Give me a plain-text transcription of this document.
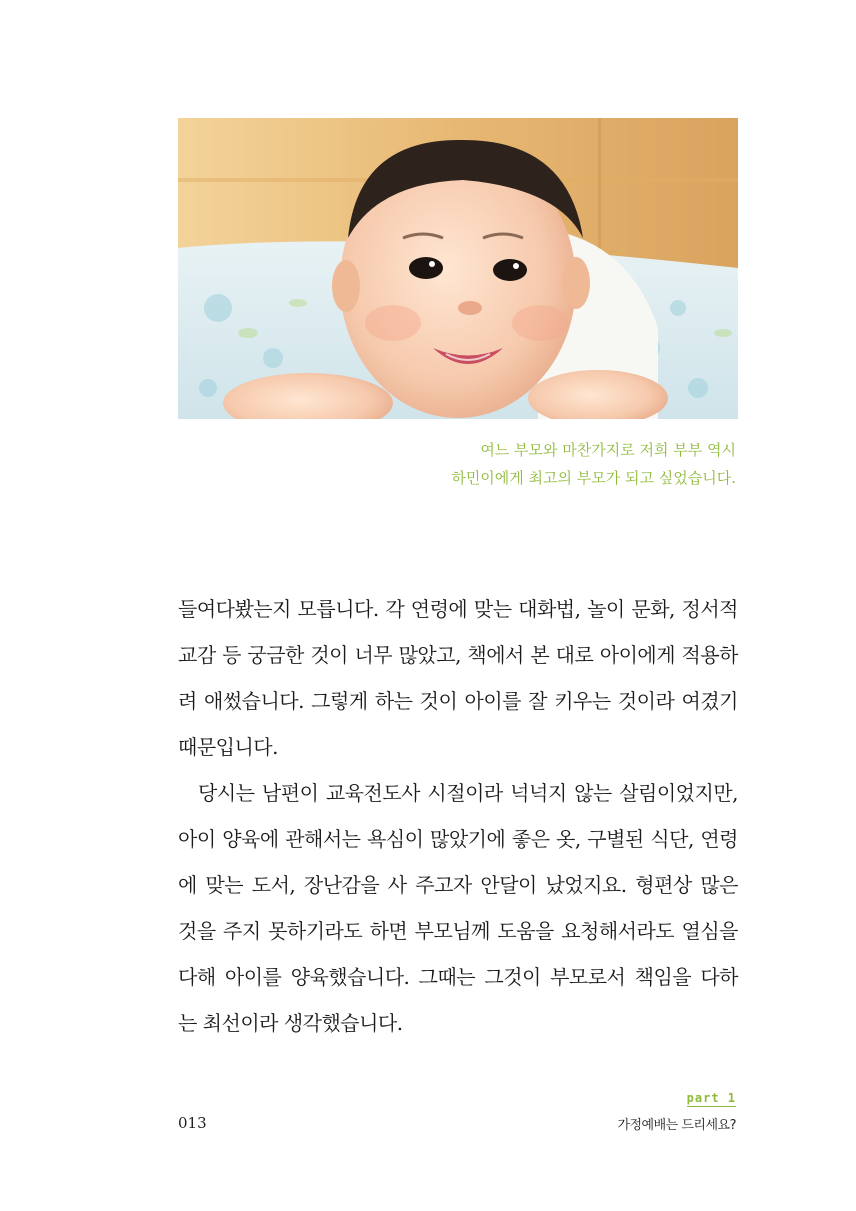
여느 부모와 마찬가지로 저희 부부 역시
하민이에게 최고의 부모가 되고 싶었습니다.
들여다봤는지 모릅니다. 각 연령에 맞는 대화법, 놀이 문화, 정서적
교감 등 궁금한 것이 너무 많았고, 책에서 본 대로 아이에게 적용하
려 애썼습니다. 그렇게 하는 것이 아이를 잘 키우는 것이라 여겼기
때문입니다.
당시는 남편이 교육전도사 시절이라 넉넉지 않는 살림이었지만,
아이 양육에 관해서는 욕심이 많았기에 좋은 옷, 구별된 식단, 연령
에 맞는 도서, 장난감을 사 주고자 안달이 났었지요. 형편상 많은
것을 주지 못하기라도 하면 부모님께 도움을 요청해서라도 열심을
다해 아이를 양육했습니다. 그때는 그것이 부모로서 책임을 다하
는 최선이라 생각했습니다.
part 1
013	가정예배는 드리세요?
